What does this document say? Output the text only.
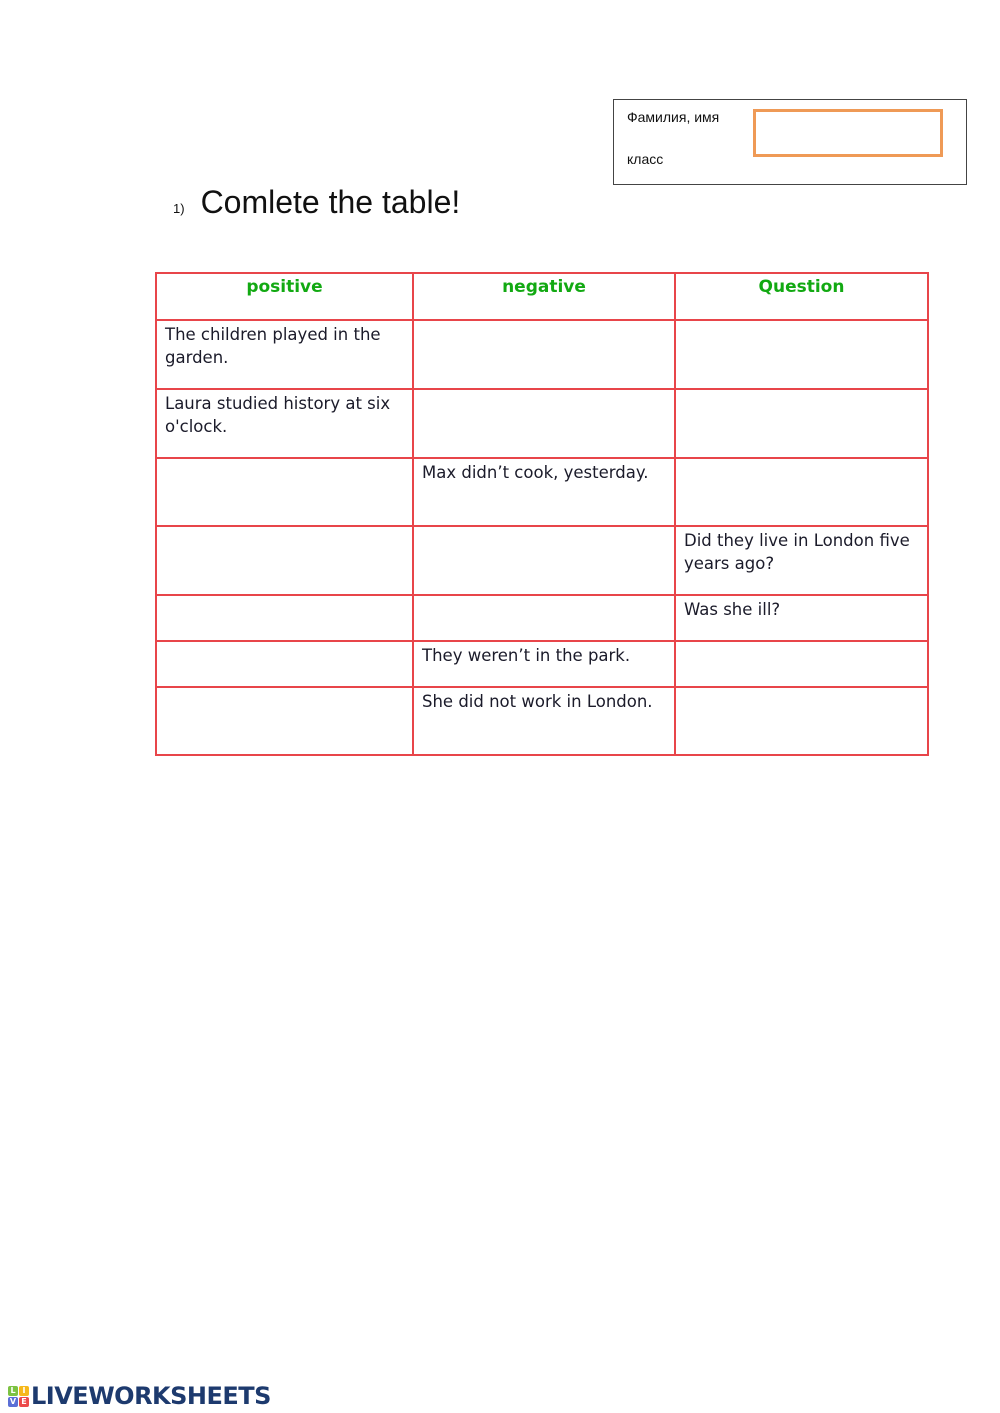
Фамилия, имя
класс
1) Comlete the table!
positive	negative	Question

The children played in the garden.		

Laura studied history at six o'clock.		

	Max didn’t cook, yesterday.	

		Did they live in London five years ago?

		Was she ill?

	They weren’t in the park.	

	She did not work in London.	

L I
V E LIVEWORKSHEETS
